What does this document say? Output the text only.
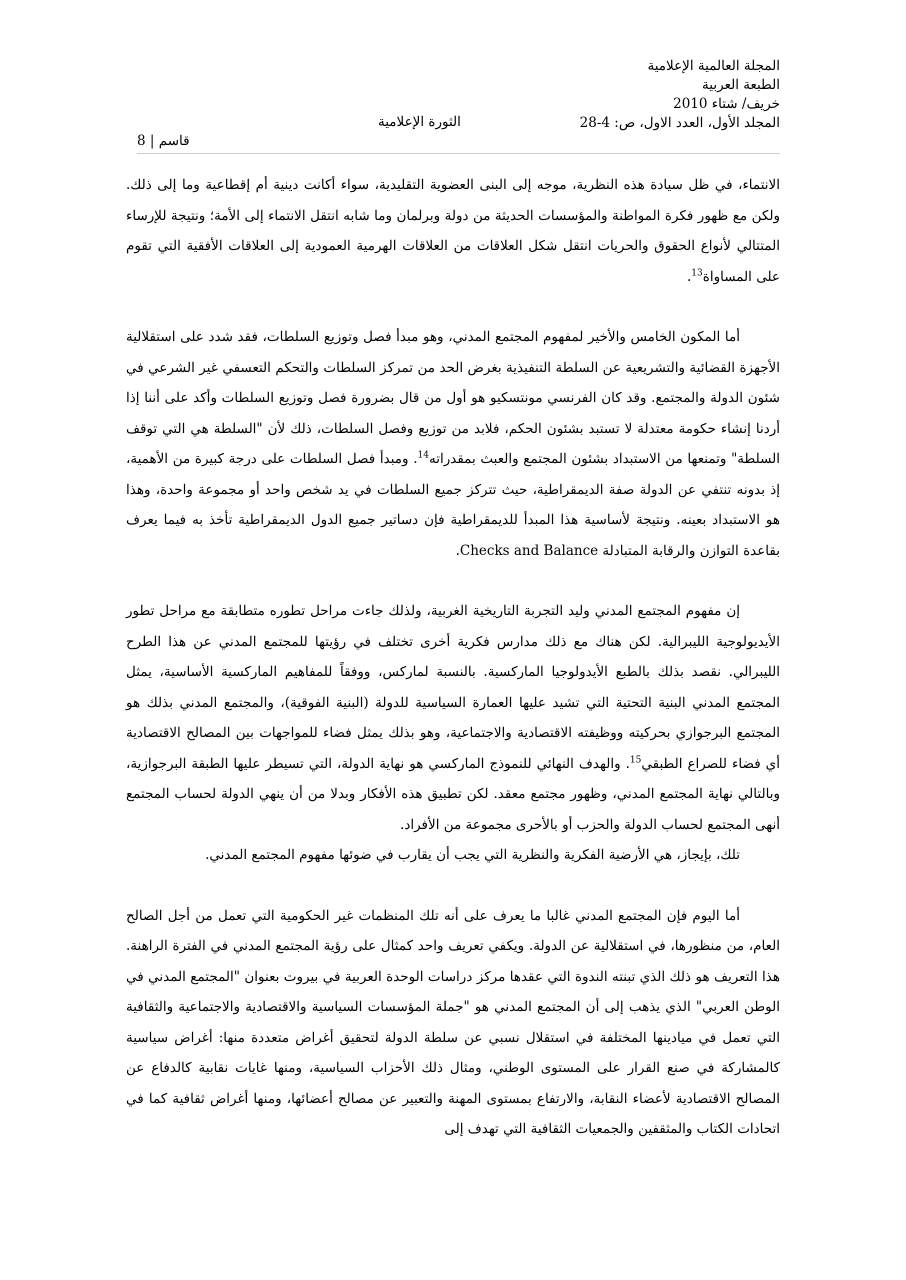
المجلة العالمية الإعلامية
الطبعة العربية
خريف/ شتاء 2010
المجلد الأول، العدد الاول، ص: 4-28
الثورة الإعلامية
قاسم | 8

الانتماء، في ظل سيادة هذه النظرية، موجه إلى البنى العضوية التقليدية، سواء أكانت دينية أم إقطاعية وما إلى ذلك. ولكن مع ظهور فكرة المواطنة والمؤسسات الحديثة من دولة وبرلمان وما شابه انتقل الانتماء إلى الأمة؛ ونتيجة للإرساء المتتالي لأنواع الحقوق والحريات انتقل شكل العلاقات من العلاقات الهرمية العمودية إلى العلاقات الأفقية التي تقوم على المساواة$^{13}$.

أما المكون الخامس والأخير لمفهوم المجتمع المدني، وهو مبدأ فصل وتوزيع السلطات، فقد شدد على استقلالية الأجهزة القضائية والتشريعية عن السلطة التنفيذية بغرض الحد من تمركز السلطات والتحكم التعسفي غير الشرعي في شئون الدولة والمجتمع. وقد كان الفرنسي مونتسكيو هو أول من قال بضرورة فصل وتوزيع السلطات وأكد على أننا إذا أردنا إنشاء حكومة معتدلة لا تستبد بشئون الحكم، فلابد من توزيع وفصل السلطات، ذلك لأن "السلطة هي التي توقف السلطة" وتمنعها من الاستبداد بشئون المجتمع والعبث بمقدراته$^{14}$. ومبدأ فصل السلطات على درجة كبيرة من الأهمية، إذ بدونه تنتفي عن الدولة صفة الديمقراطية، حيث تتركز جميع السلطات في يد شخص واحد أو مجموعة واحدة، وهذا هو الاستبداد بعينه. ونتيجة لأساسية هذا المبدأ للديمقراطية فإن دساتير جميع الدول الديمقراطية تأخذ به فيما يعرف بقاعدة التوازن والرقابة المتبادلة Checks and Balance.

إن مفهوم المجتمع المدني وليد التجربة التاريخية الغربية، ولذلك جاءت مراحل تطوره متطابقة مع مراحل تطور الأيديولوجية الليبرالية. لكن هناك مع ذلك مدارس فكرية أخرى تختلف في رؤيتها للمجتمع المدني عن هذا الطرح الليبرالي. نقصد بذلك بالطبع الأيدولوجيا الماركسية. بالنسبة لماركس، ووفقاً للمفاهيم الماركسية الأساسية، يمثل المجتمع المدني البنية التحتية التي تشيد عليها العمارة السياسية للدولة (البنية الفوقية)، والمجتمع المدني بذلك هو المجتمع البرجوازي بحركيته ووظيفته الاقتصادية والاجتماعية، وهو بذلك يمثل فضاء للمواجهات بين المصالح الاقتصادية أي فضاء للصراع الطبقي$^{15}$. والهدف النهائي للنموذج الماركسي هو نهاية الدولة، التي تسيطر عليها الطبقة البرجوازية، وبالتالي نهاية المجتمع المدني، وظهور مجتمع معقد. لكن تطبيق هذه الأفكار وبدلا من أن ينهي الدولة لحساب المجتمع أنهى المجتمع لحساب الدولة والحزب أو بالأحرى مجموعة من الأفراد.

تلك، بإيجاز، هي الأرضية الفكرية والنظرية التي يجب أن يقارب في ضوئها مفهوم المجتمع المدني.

أما اليوم فإن المجتمع المدني غالبا ما يعرف على أنه تلك المنظمات غير الحكومية التي تعمل من أجل الصالح العام، من منظورها، في استقلالية عن الدولة. ويكفي تعريف واحد كمثال على رؤية المجتمع المدني في الفترة الراهنة. هذا التعريف هو ذلك الذي تبنته الندوة التي عقدها مركز دراسات الوحدة العربية في بيروت بعنوان "المجتمع المدني في الوطن العربي" الذي يذهب إلى أن المجتمع المدني هو "جملة المؤسسات السياسية والاقتصادية والاجتماعية والثقافية التي تعمل في ميادينها المختلفة في استقلال نسبي عن سلطة الدولة لتحقيق أغراض متعددة منها: أغراض سياسية كالمشاركة في صنع القرار على المستوى الوطني، ومثال ذلك الأحزاب السياسية، ومنها غايات نقابية كالدفاع عن المصالح الاقتصادية لأعضاء النقابة، والارتفاع بمستوى المهنة والتعبير عن مصالح أعضائها، ومنها أغراض ثقافية كما في اتحادات الكتاب والمثقفين والجمعيات الثقافية التي تهدف إلى
